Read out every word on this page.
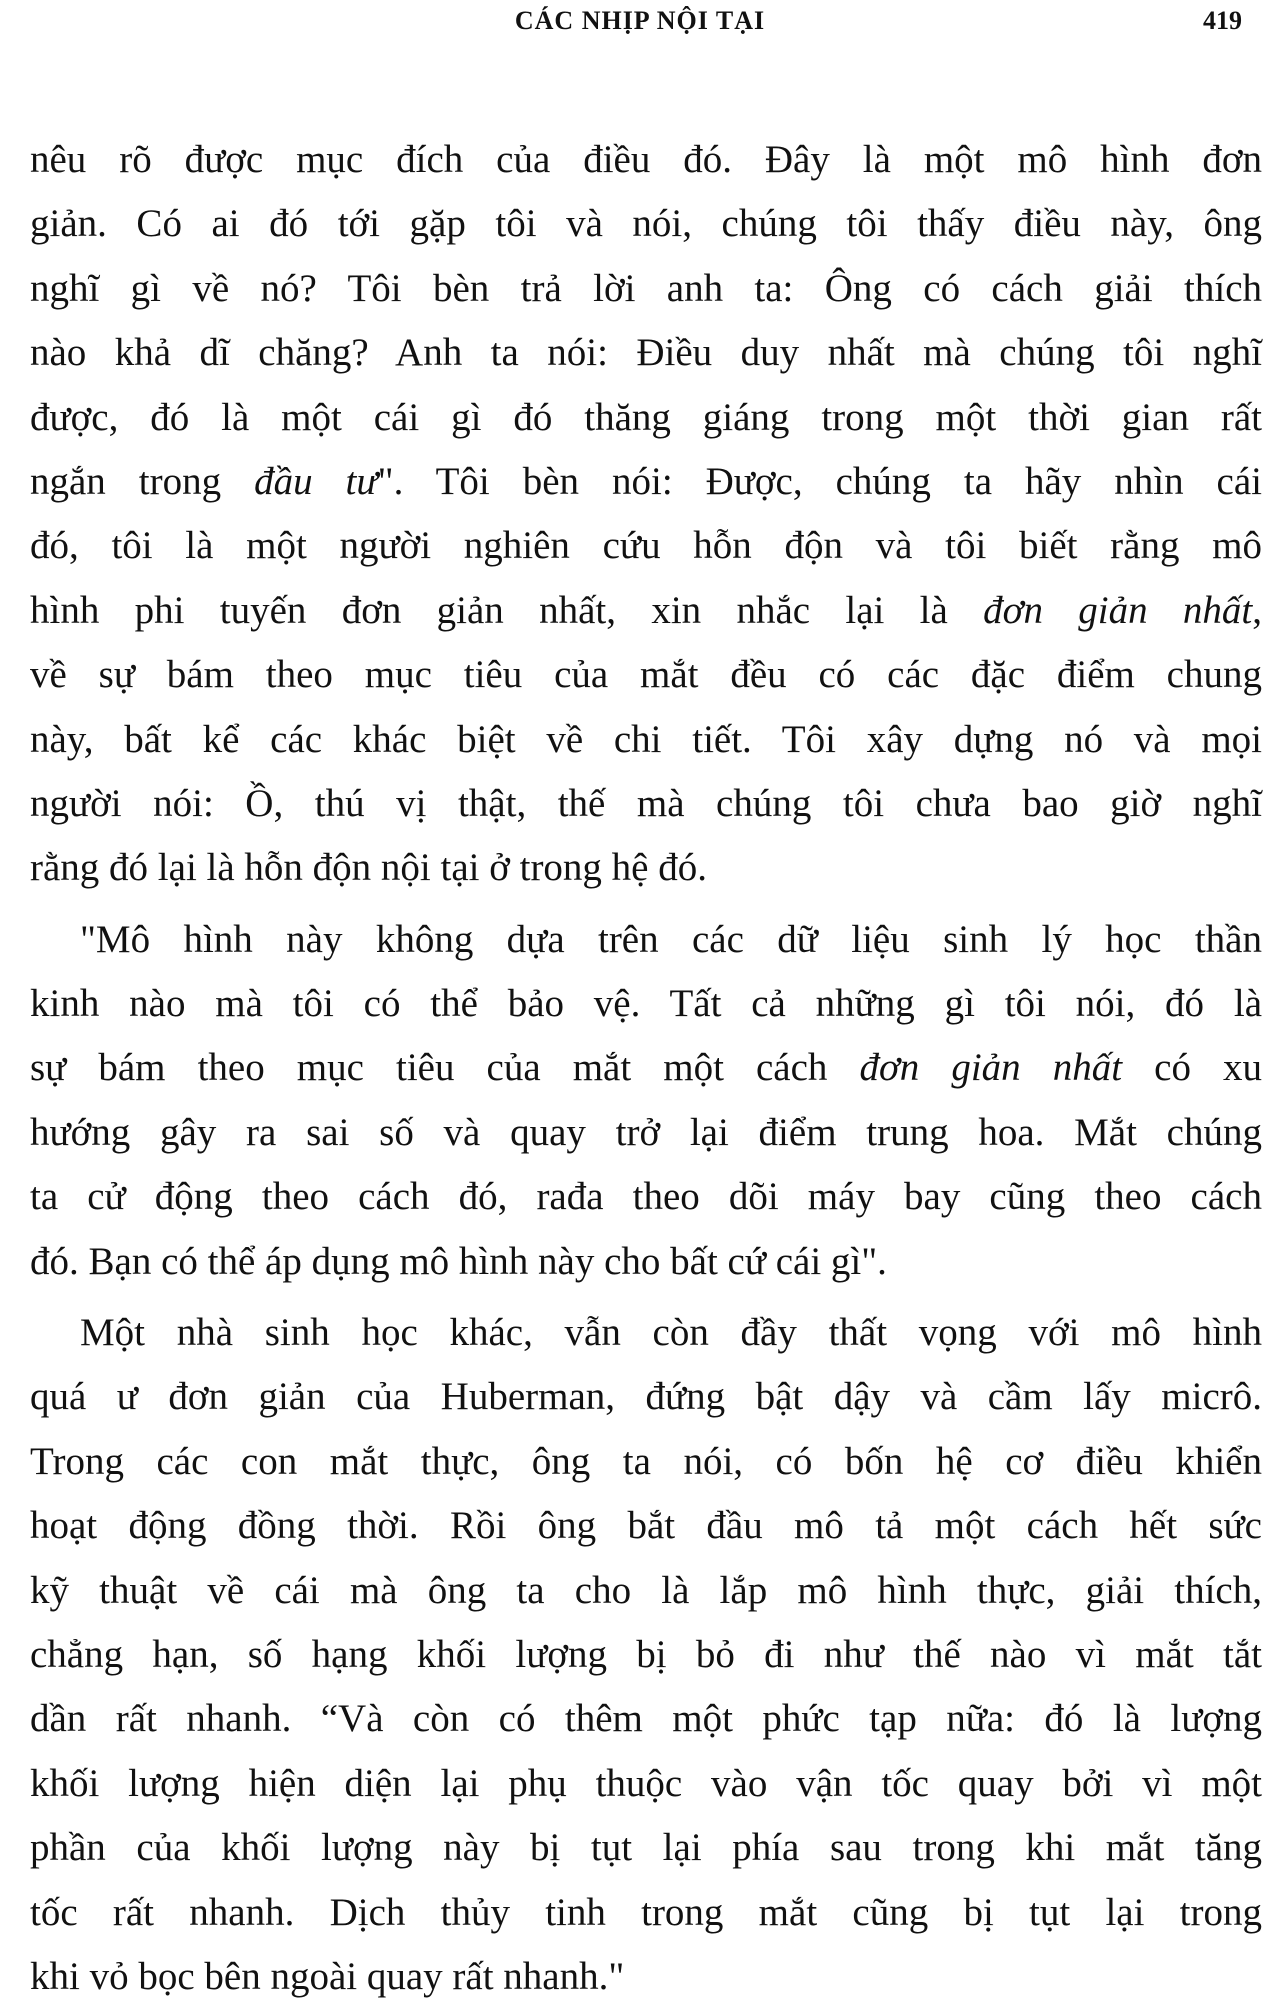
CÁC NHỊP NỘI TẠI	419
nêu rõ được mục đích của điều đó. Đây là một mô hình đơn
giản. Có ai đó tới gặp tôi và nói, chúng tôi thấy điều này, ông
nghĩ gì về nó? Tôi bèn trả lời anh ta: Ông có cách giải thích
nào khả dĩ chăng? Anh ta nói: Điều duy nhất mà chúng tôi nghĩ
được, đó là một cái gì đó thăng giáng trong một thời gian rất
ngắn trong đầu tư". Tôi bèn nói: Được, chúng ta hãy nhìn cái
đó, tôi là một người nghiên cứu hỗn độn và tôi biết rằng mô
hình phi tuyến đơn giản nhất, xin nhắc lại là đơn giản nhất,
về sự bám theo mục tiêu của mắt đều có các đặc điểm chung
này, bất kể các khác biệt về chi tiết. Tôi xây dựng nó và mọi
người nói: Ồ, thú vị thật, thế mà chúng tôi chưa bao giờ nghĩ
rằng đó lại là hỗn độn nội tại ở trong hệ đó.
"Mô hình này không dựa trên các dữ liệu sinh lý học thần
kinh nào mà tôi có thể bảo vệ. Tất cả những gì tôi nói, đó là
sự bám theo mục tiêu của mắt một cách đơn giản nhất có xu
hướng gây ra sai số và quay trở lại điểm trung hoa. Mắt chúng
ta cử động theo cách đó, rađa theo dõi máy bay cũng theo cách
đó. Bạn có thể áp dụng mô hình này cho bất cứ cái gì".
Một nhà sinh học khác, vẫn còn đầy thất vọng với mô hình
quá ư đơn giản của Huberman, đứng bật dậy và cầm lấy micrô.
Trong các con mắt thực, ông ta nói, có bốn hệ cơ điều khiển
hoạt động đồng thời. Rồi ông bắt đầu mô tả một cách hết sức
kỹ thuật về cái mà ông ta cho là lắp mô hình thực, giải thích,
chẳng hạn, số hạng khối lượng bị bỏ đi như thế nào vì mắt tắt
dần rất nhanh. “Và còn có thêm một phức tạp nữa: đó là lượng
khối lượng hiện diện lại phụ thuộc vào vận tốc quay bởi vì một
phần của khối lượng này bị tụt lại phía sau trong khi mắt tăng
tốc rất nhanh. Dịch thủy tinh trong mắt cũng bị tụt lại trong
khi vỏ bọc bên ngoài quay rất nhanh."
